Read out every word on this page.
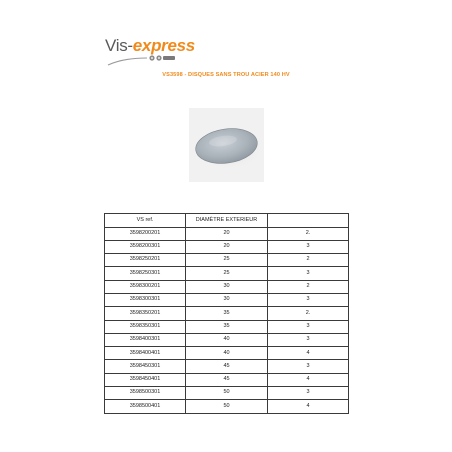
Vis-express
VS3598 - DISQUES SANS TROU ACIER 140 HV
VS ref.	DIAMÈTRE EXTERIEUR	
3598200201	20	2.
3598200301	20	3
3598250201	25	2
3598250301	25	3
3598300201	30	2
3598300301	30	3
3598350201	35	2.
3598350301	35	3
3598400301	40	3
3598400401	40	4
3598450301	45	3
3598450401	45	4
3598500301	50	3
3598500401	50	4
